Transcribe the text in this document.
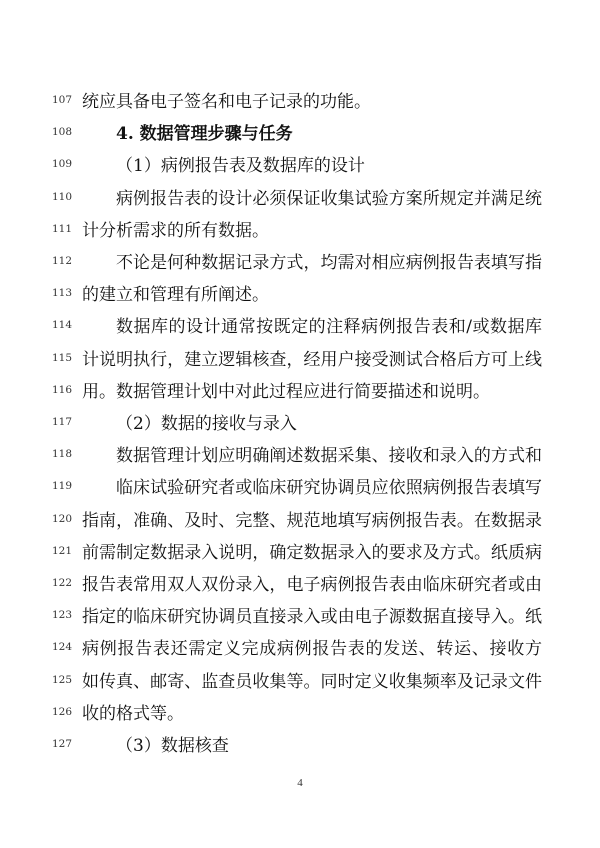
107 统应具备电子签名和电子记录的功能。
108	4. 数据管理步骤与任务
109	（1）病例报告表及数据库的设计
110	病例报告表的设计必须保证收集试验方案所规定并满足统
111 计分析需求的所有数据。
112	不论是何种数据记录方式，均需对相应病例报告表填写指
113 的建立和管理有所阐述。
114	数据库的设计通常按既定的注释病例报告表和/或数据库
115 计说明执行，建立逻辑核查，经用户接受测试合格后方可上线
116 用。数据管理计划中对此过程应进行简要描述和说明。
117	（2）数据的接收与录入
118	数据管理计划应明确阐述数据采集、接收和录入的方式和
119	临床试验研究者或临床研究协调员应依照病例报告表填写
120 指南，准确、及时、完整、规范地填写病例报告表。在数据录
121 前需制定数据录入说明，确定数据录入的要求及方式。纸质病
122 报告表常用双人双份录入，电子病例报告表由临床研究者或由
123 指定的临床研究协调员直接录入或由电子源数据直接导入。纸
124 病例报告表还需定义完成病例报告表的发送、转运、接收方
125 如传真、邮寄、监查员收集等。同时定义收集频率及记录文件
126 收的格式等。
127	（3）数据核查
4
